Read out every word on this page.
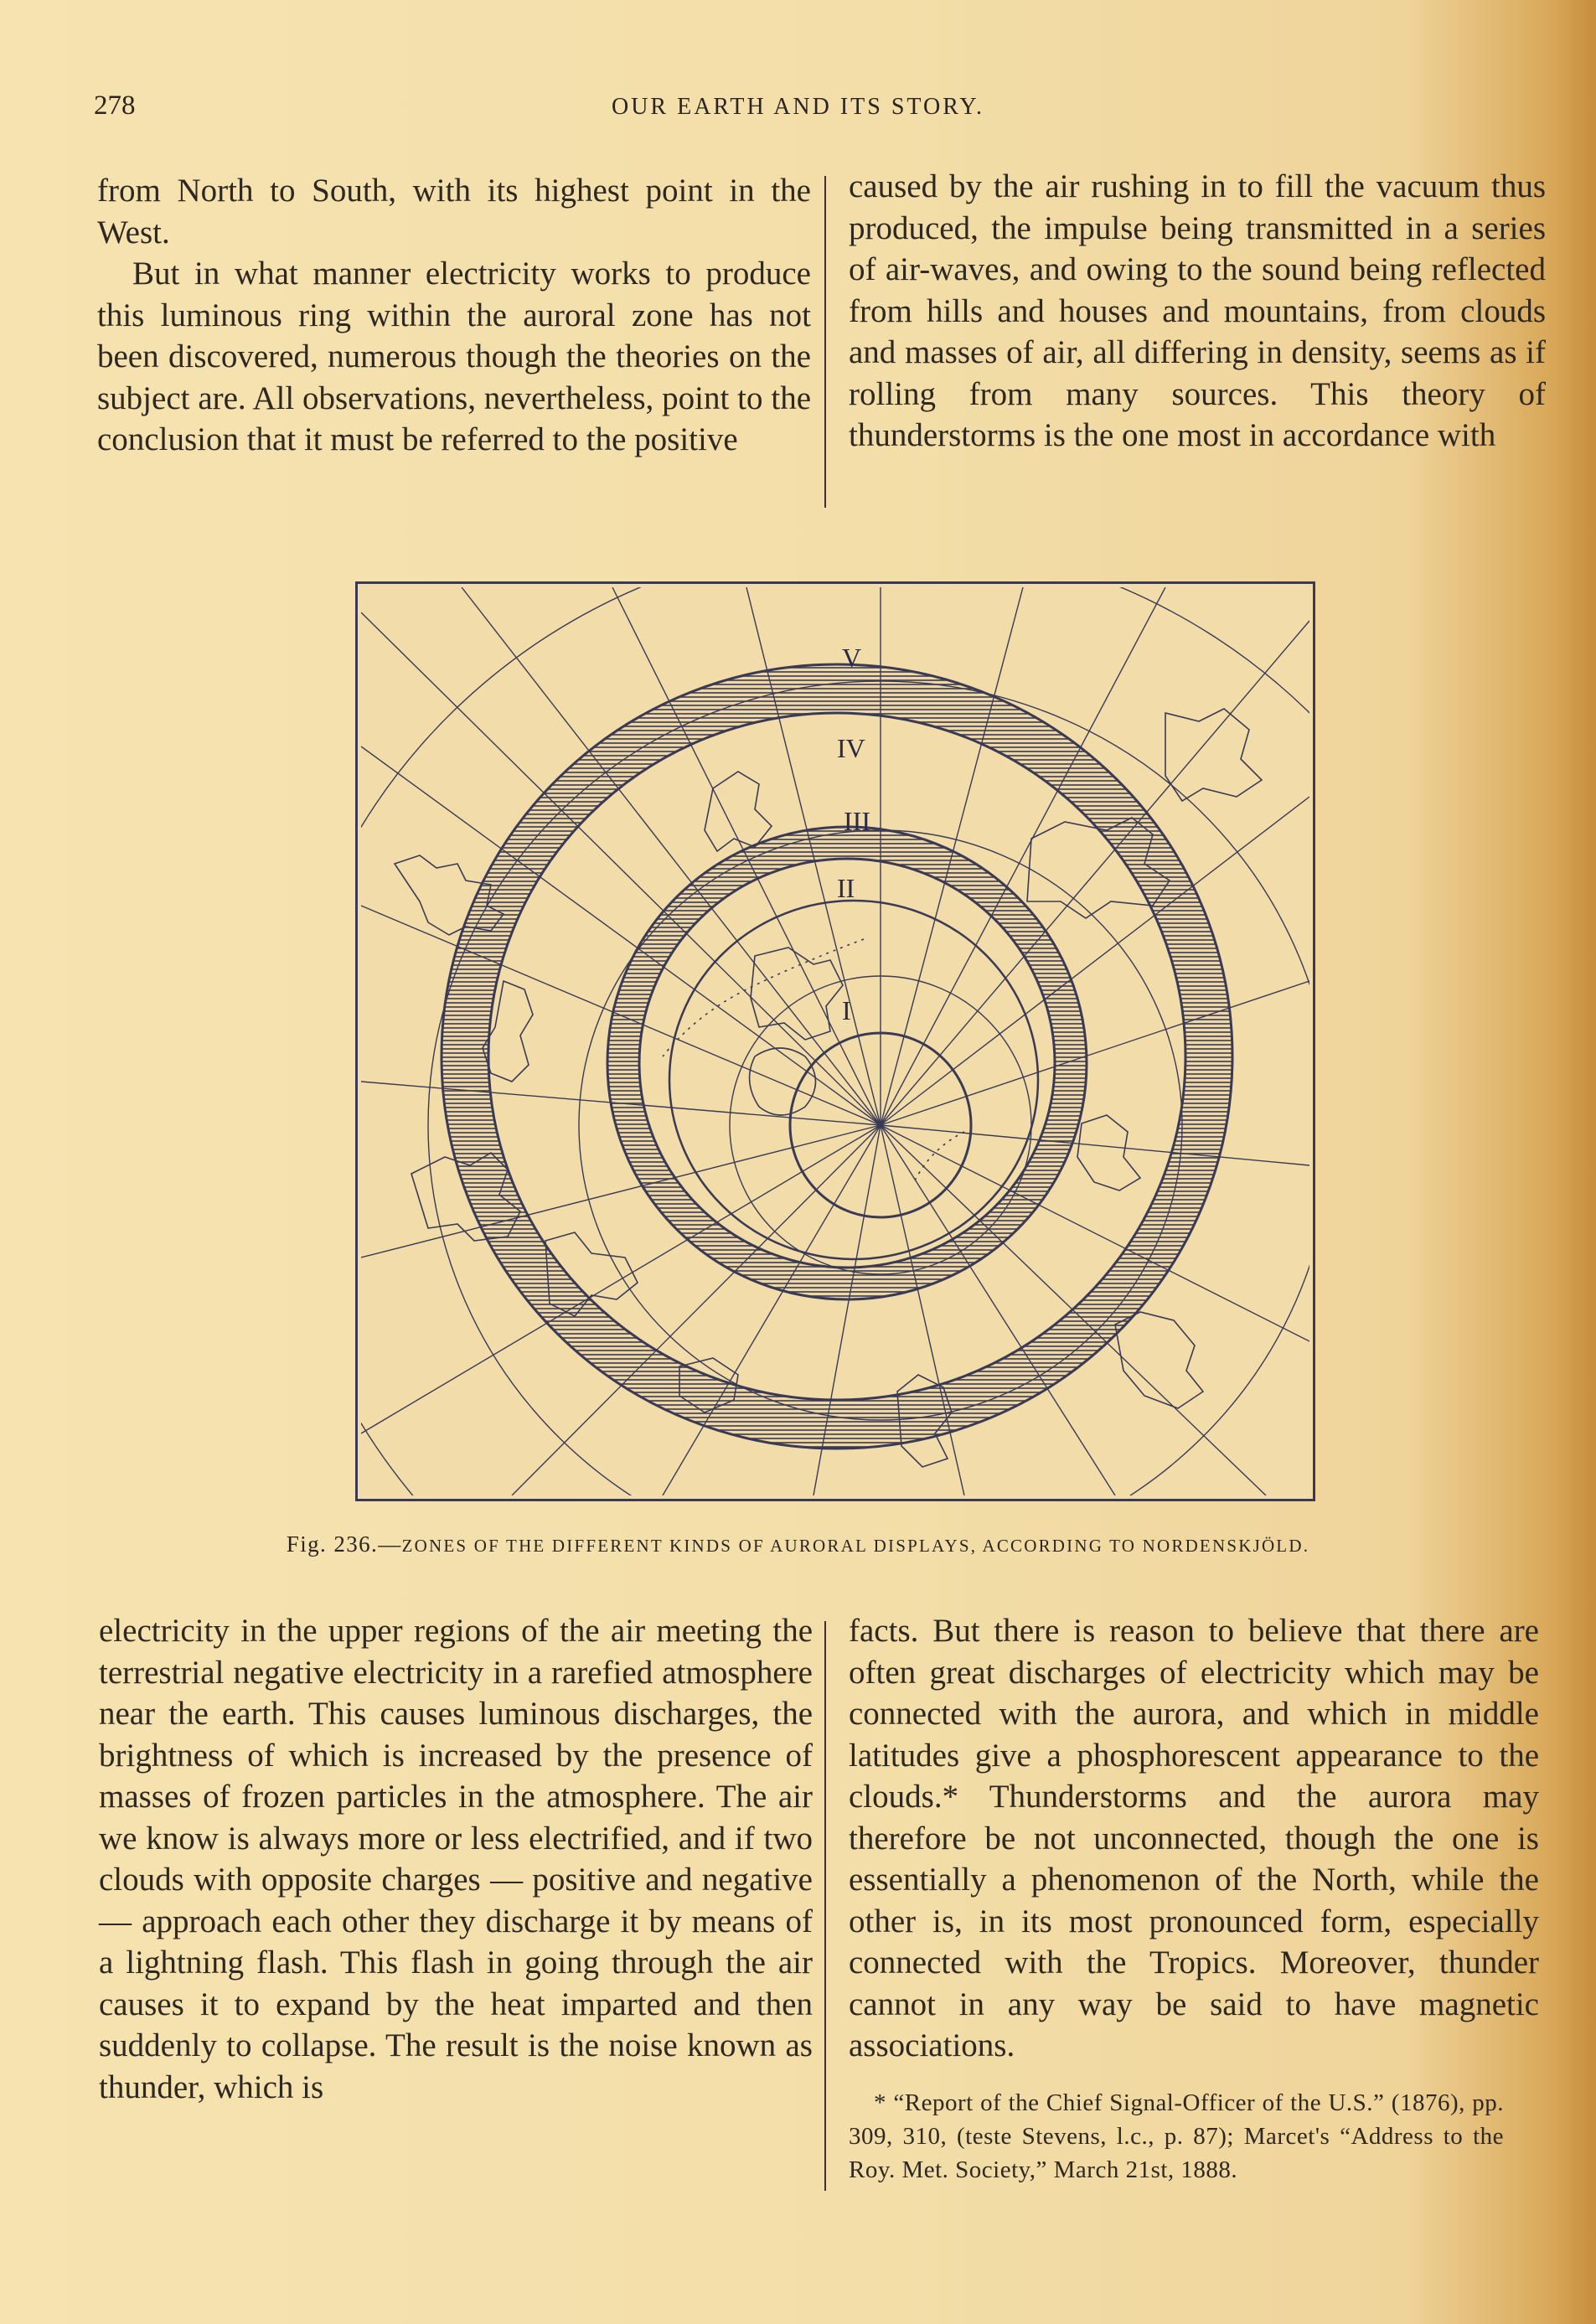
278	OUR EARTH AND ITS STORY.

from North to South, with its highest point in the West.

But in what manner electricity works to produce this luminous ring within the auroral zone has not been discovered, numerous though the theories on the subject are. All observations, nevertheless, point to the conclusion that it must be referred to the positive

caused by the air rushing in to fill the vacuum thus produced, the impulse being transmitted in a series of air-waves, and owing to the sound being reflected from hills and houses and mountains, from clouds and masses of air, all differing in density, seems as if rolling from many sources. This theory of thunderstorms is the one most in accordance with

V
IV
III
II
I
Fig. 236.—ZONES OF THE DIFFERENT KINDS OF AURORAL DISPLAYS, ACCORDING TO NORDENSKJÖLD.

electricity in the upper regions of the air meeting the terrestrial negative electricity in a rarefied atmosphere near the earth. This causes luminous discharges, the brightness of which is increased by the presence of masses of frozen particles in the atmosphere. The air we know is always more or less electrified, and if two clouds with opposite charges — positive and negative — approach each other they discharge it by means of a lightning flash. This flash in going through the air causes it to expand by the heat imparted and then suddenly to collapse. The result is the noise known as thunder, which is

facts. But there is reason to believe that there are often great discharges of electricity which may be connected with the aurora, and which in middle latitudes give a phosphorescent appearance to the clouds.* Thunderstorms and the aurora may therefore be not unconnected, though the one is essentially a phenomenon of the North, while the other is, in its most pronounced form, especially connected with the Tropics. Moreover, thunder cannot in any way be said to have magnetic associations.

* “Report of the Chief Signal-Officer of the U.S.” (1876), pp. 309, 310, (teste Stevens, l.c., p. 87); Marcet's “Address to the Roy. Met. Society,” March 21st, 1888.
